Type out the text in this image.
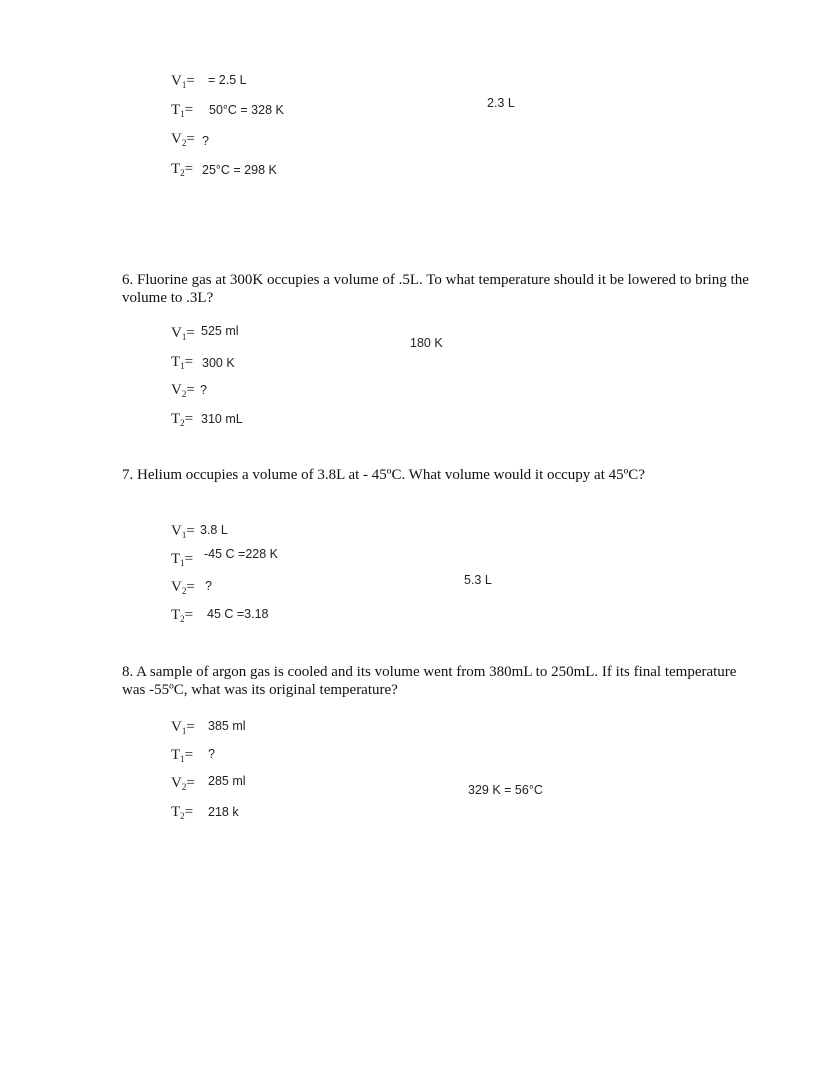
$V_1= = 2.5$ L
$T_1= 50^\circ C = 328$ K
$V_2=$ ?
$T_2= 25^\circ C = 298$ K
2.3 L
6. Fluorine gas at 300K occupies a volume of .5L. To what temperature should it be lowered to bring the volume to .3L?
$V_1= 525$ ml
$T_1= 300$ K
$V_2=$ ?
$T_2= 310$ mL
180 K
7. Helium occupies a volume of 3.8L at - 45ºC. What volume would it occupy at 45ºC?
$V_1= 3.8$ L
$T_1= -45$ C =228 K
$V_2=$ ?
$T_2= 45$ C =3.18
5.3 L
8. A sample of argon gas is cooled and its volume went from 380mL to 250mL. If its final temperature was -55ºC, what was its original temperature?
$V_1= 385$ ml
$T_1=$ ?
$V_2= 285$ ml
$T_2= 218$ k
329 K = 56°C
